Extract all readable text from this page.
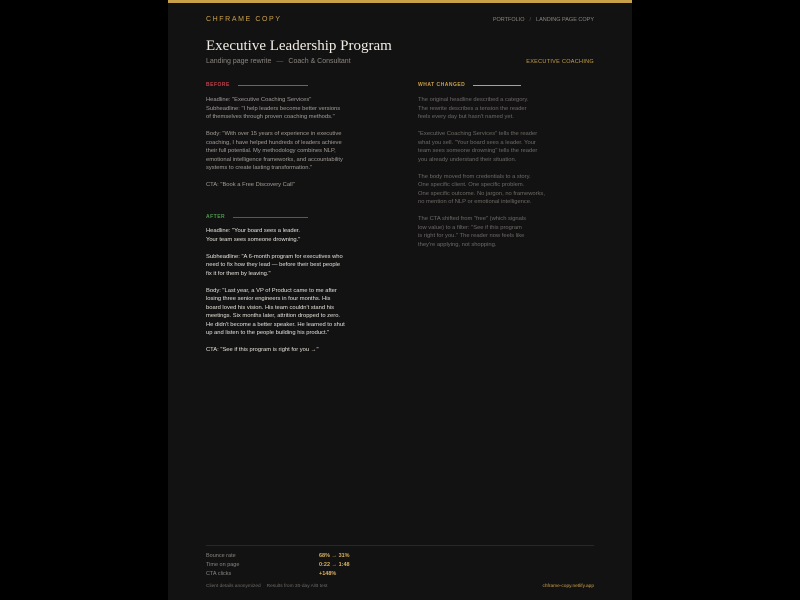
CHFRAME COPY	PORTFOLIO / LANDING PAGE COPY
Executive Leadership Program
Landing page rewrite — Coach & Consultant	EXECUTIVE COACHING
BEFORE
Headline: "Executive Coaching Services"
Subheadline: "I help leaders become better versions
of themselves through proven coaching methods."

Body: "With over 15 years of experience in executive
coaching, I have helped hundreds of leaders achieve
their full potential. My methodology combines NLP,
emotional intelligence frameworks, and accountability
systems to create lasting transformation."

CTA: "Book a Free Discovery Call"
AFTER
Headline: "Your board sees a leader.
Your team sees someone drowning."

Subheadline: "A 6-month program for executives who
need to fix how they lead — before their best people
fix it for them by leaving."

Body: "Last year, a VP of Product came to me after
losing three senior engineers in four months. His
board loved his vision. His team couldn't stand his
meetings. Six months later, attrition dropped to zero.
He didn't become a better speaker. He learned to shut
up and listen to the people building his product."

CTA: "See if this program is right for you →"
WHAT CHANGED
The original headline described a category.
The rewrite describes a tension the reader
feels every day but hasn't named yet.

"Executive Coaching Services" tells the reader
what you sell. "Your board sees a leader. Your
team sees someone drowning" tells the reader
you already understand their situation.

The body moved from credentials to a story.
One specific client. One specific problem.
One specific outcome. No jargon, no frameworks,
no mention of NLP or emotional intelligence.

The CTA shifted from "free" (which signals
low value) to a filter: "See if this program
is right for you." The reader now feels like
they're applying, not shopping.
Bounce rate	68% → 31%
Time on page	0:22 → 1:48
CTA clicks	+148%
Client details anonymized Results from 30-day A/B test	chframe-copy.netlify.app
